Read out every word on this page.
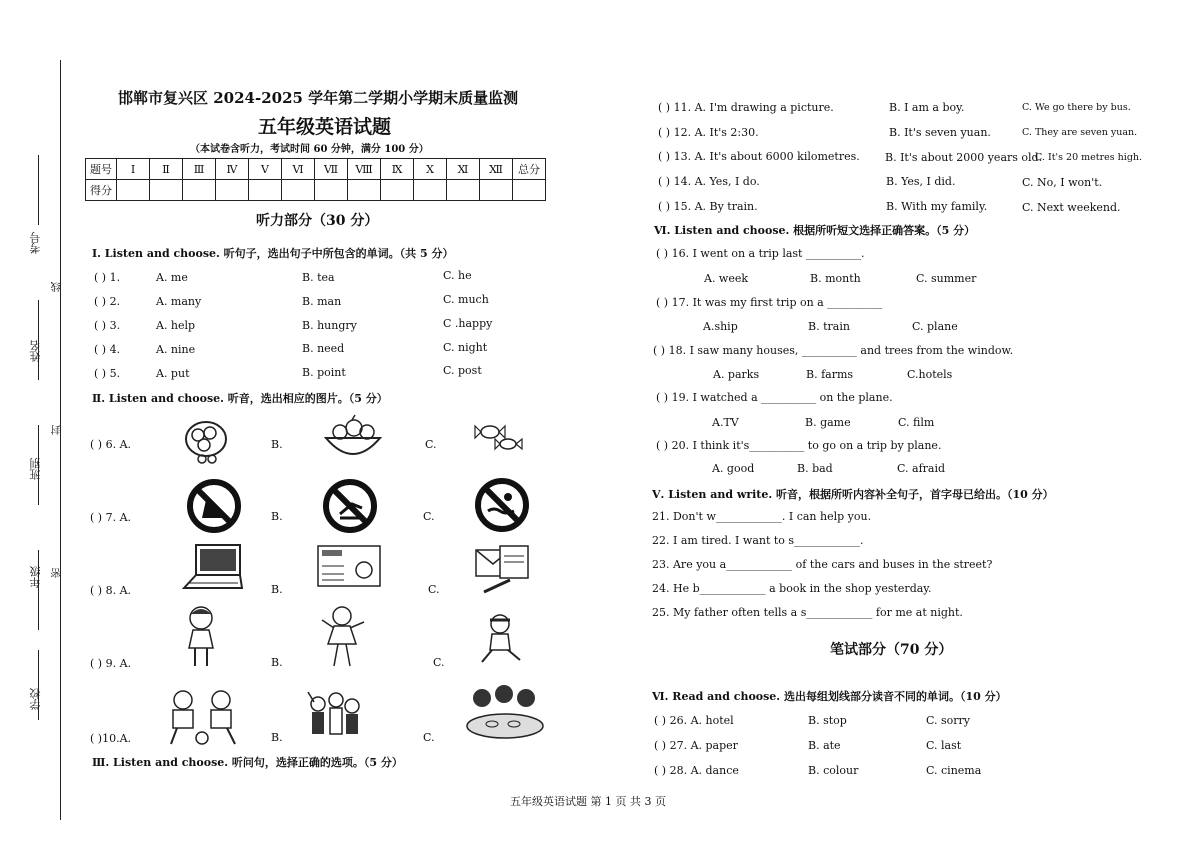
考号
姓名
班别
年级
学校
线
封
密
邯郸市复兴区 2024-2025 学年第二学期小学期末质量监测
五年级英语试题
（本试卷含听力，考试时间 60 分钟，满分 100 分）
题号	Ⅰ	Ⅱ	Ⅲ	Ⅳ	Ⅴ	Ⅵ	Ⅶ	Ⅷ	Ⅸ	Ⅹ	Ⅺ	Ⅻ	总分
得分													
听力部分（30 分）
Ⅰ. Listen and choose. 听句子，选出句子中所包含的单词。（共 5 分）
( ) 1.	A. me	B. tea	C. he
( ) 2.	A. many	B. man	C. much
( ) 3.	A. help	B. hungry	C .happy
( ) 4.	A. nine	B. need	C. night
( ) 5.	A. put	B. point	C. post
Ⅱ. Listen and choose. 听音，选出相应的图片。（5 分）
( ) 6. A.	B.	C.
( ) 7. A.	B.	C.
( ) 8. A.	B.	C.
( ) 9. A.	B.	C.
( )10.A.	B.	C.
Ⅲ. Listen and choose. 听问句，选择正确的选项。（5 分）
( ) 11. A. I'm drawing a picture.	B. I am a boy.	C. We go there by bus.
( ) 12. A. It's 2:30.	B. It's seven yuan.	C. They are seven yuan.
( ) 13. A. It's about 6000 kilometres. B. It's about 2000 years old.
C. It's 20 metres high.
( ) 14. A. Yes, I do.	B. Yes, I did.	C. No, I won't.
( ) 15. A. By train.	B. With my family.	C. Next weekend.
Ⅵ. Listen and choose. 根据所听短文选择正确答案。（5 分）
( ) 16. I went on a trip last __________.
A. week	B. month	C. summer
( ) 17. It was my first trip on a __________
A.ship	B. train	C. plane
( ) 18. I saw many houses, __________ and trees from the window.
A. parks	B. farms	C.hotels
( ) 19. I watched a __________ on the plane.
A.TV	B. game	C. film
( ) 20. I think it's__________ to go on a trip by plane.
A. good	B. bad	C. afraid
Ⅴ. Listen and write. 听音，根据所听内容补全句子，首字母已给出。（10 分）
21. Don't w____________. I can help you.
22. I am tired. I want to s____________.
23. Are you a____________ of the cars and buses in the street?
24. He b____________ a book in the shop yesterday.
25. My father often tells a s____________ for me at night.
笔试部分（70 分）
Ⅵ. Read and choose. 选出每组划线部分读音不同的单词。（10 分）
( ) 26. A. hotel	B. stop	C. sorry
( ) 27. A. paper	B. ate	C. last
( ) 28. A. dance	B. colour	C. cinema
五年级英语试题 第 1 页 共 3 页
